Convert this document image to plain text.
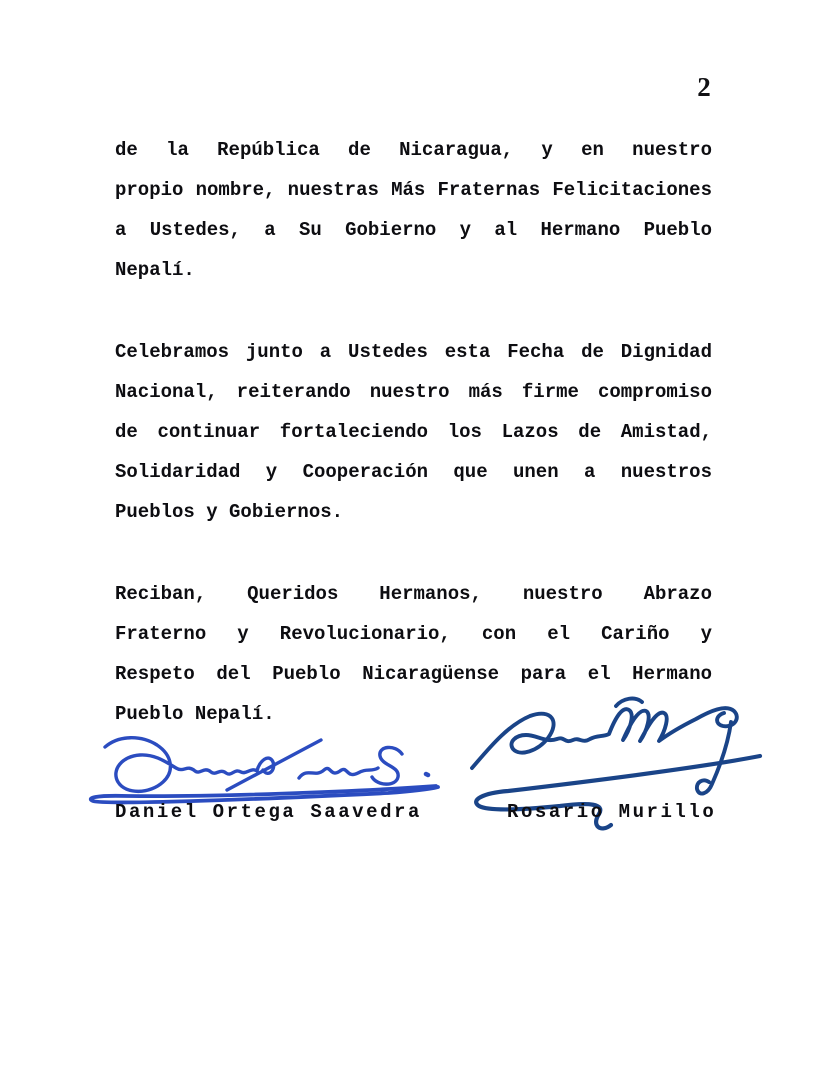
2

de la República de Nicaragua, y en nuestro
propio nombre, nuestras Más Fraternas Felicitaciones
a Ustedes, a Su Gobierno y al Hermano Pueblo
Nepalí.

Celebramos junto a Ustedes esta Fecha de Dignidad
Nacional, reiterando nuestro más firme compromiso
de continuar fortaleciendo los Lazos de Amistad,
Solidaridad y Cooperación que unen a nuestros
Pueblos y Gobiernos.

Reciban, Queridos Hermanos, nuestro Abrazo
Fraterno y Revolucionario, con el Cariño y
Respeto del Pueblo Nicaragüense para el Hermano
Pueblo Nepalí.

Daniel Ortega Saavedra	Rosario Murillo
